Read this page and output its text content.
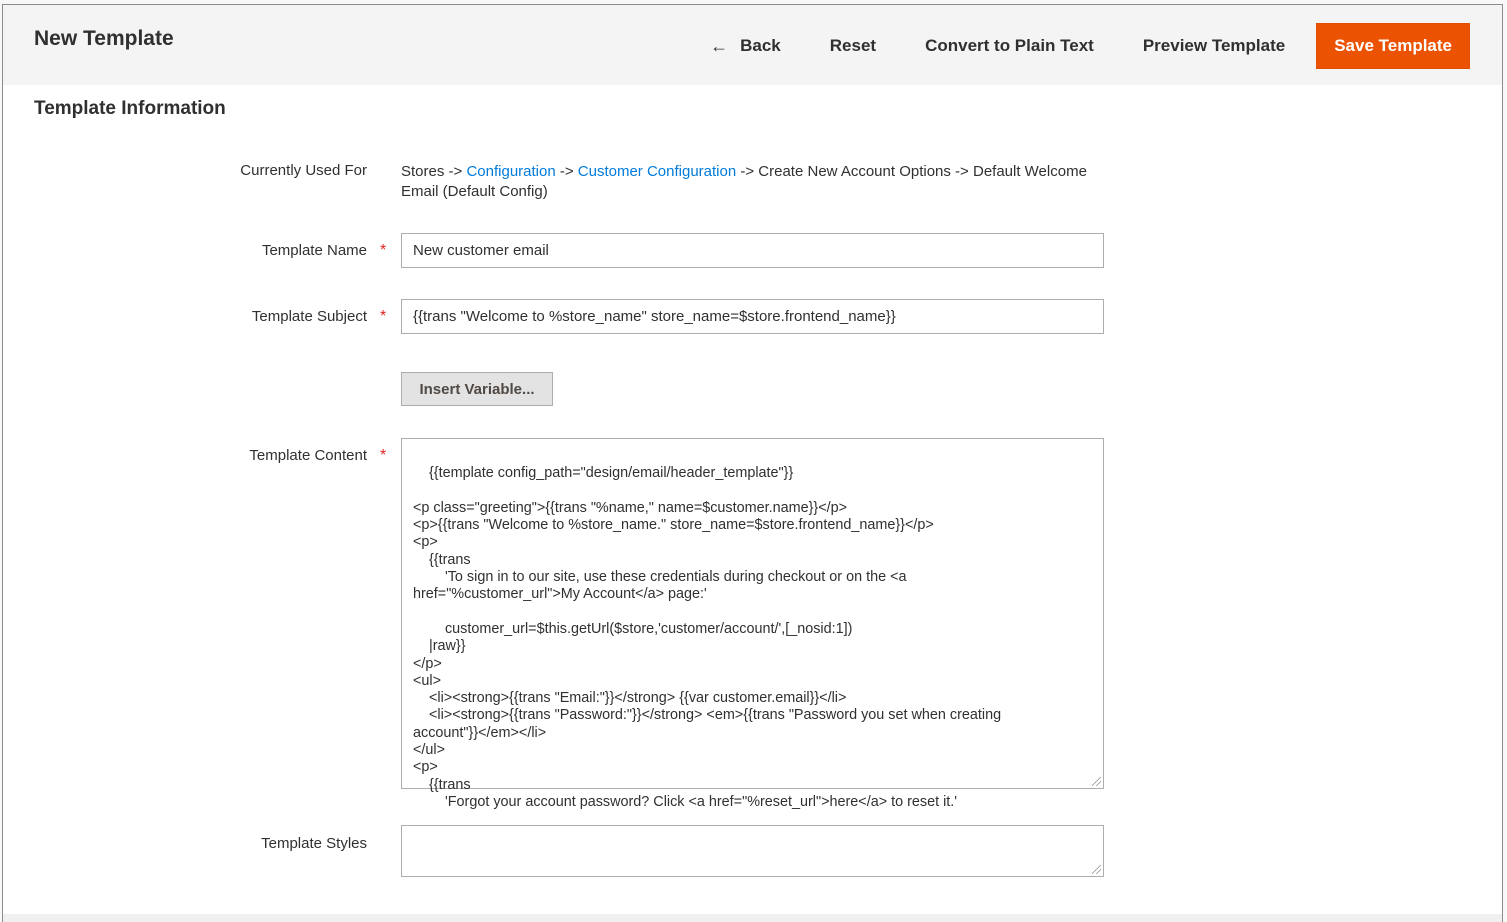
New Template	← Back	Reset	Convert to Plain Text	Preview Template	Save Template
Template Information
Currently Used For Stores -> Configuration -> Customer Configuration -> Create New Account Options -> Default Welcome Email (Default Config)
Template Name *	New customer email
Template Subject *	{{trans "Welcome to %store_name" store_name=$store.frontend_name}}
Insert Variable...
Template Content *

{{template config_path="design/email/header_template"}}

<p class="greeting">{{trans "%name," name=$customer.name}}</p>
<p>{{trans "Welcome to %store_name." store_name=$store.frontend_name}}</p>
<p>
{{trans
'To sign in to our site, use these credentials during checkout or on the <a
href="%customer_url">My Account</a> page:'

customer_url=$this.getUrl($store,'customer/account/',[_nosid:1])
|raw}}
</p>
<ul>
<li><strong>{{trans "Email:"}}</strong> {{var customer.email}}</li>
<li><strong>{{trans "Password:"}}</strong> <em>{{trans "Password you set when creating
account"}}</em></li>
</ul>
<p>
{{trans
'Forgot your account password? Click <a href="%reset_url">here</a> to reset it.'

Template Styles
